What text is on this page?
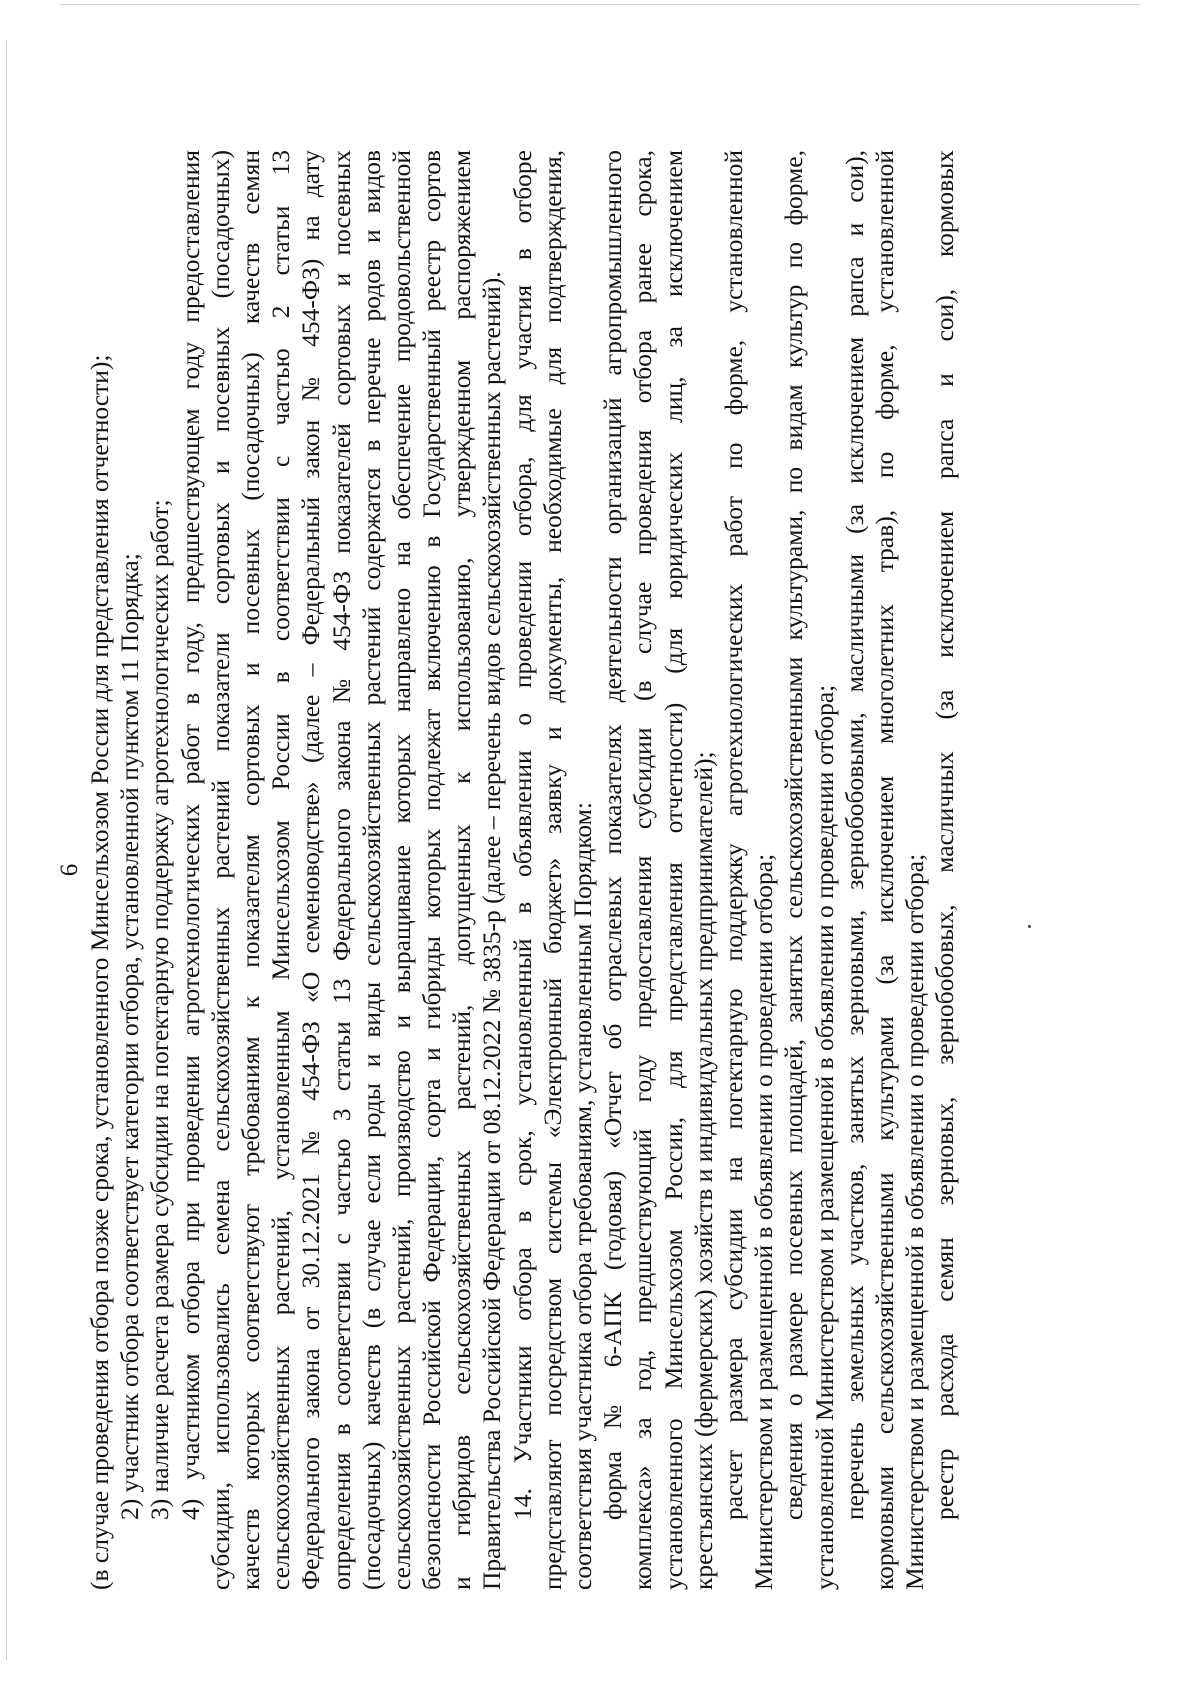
6 (в случае проведения отбора позже срока, установленного Минсельхозом России для представления отчетности); 2) участник отбора соответствует категории отбора, установленной пунктом 11 Порядка; 3) наличие расчета размера субсидии на погектарную поддержку агротехнологических работ; 4) участником отбора при проведении агротехнологических работ в году, предшествующем году предоставления субсидии, использовались семена сельскохозяйственных растений показатели сортовых и посевных (посадочных) качеств которых соответствуют требованиям к показателям сортовых и посевных (посадочных) качеств семян сельскохозяйственных растений, установленным Минсельхозом России в соответствии с частью 2 статьи 13 Федерального закона от 30.12.2021 № 454-ФЗ «О семеноводстве» (далее – Федеральный закон № 454-ФЗ) на дату определения в соответствии с частью 3 статьи 13 Федерального закона № 454-ФЗ показателей сортовых и посевных (посадочных) качеств (в случае если роды и виды сельскохозяйственных растений содержатся в перечне родов и видов сельскохозяйственных растений, производство и выращивание которых направлено на обеспечение продовольственной безопасности Российской Федерации, сорта и гибриды которых подлежат включению в Государственный реестр сортов и гибридов сельскохозяйственных растений, допущенных к использованию, утвержденном распоряжением Правительства Российской Федерации от 08.12.2022 № 3835-р (далее – перечень видов сельскохозяйственных растений). 14. Участники отбора в срок, установленный в объявлении о проведении отбора, для участия в отборе представляют посредством системы «Электронный бюджет» заявку и документы, необходимые для подтверждения, соответствия участника отбора требованиям, установленным Порядком: форма № 6-АПК (годовая) «Отчет об отраслевых показателях деятельности организаций агропромышленного комплекса» за год, предшествующий году предоставления субсидии (в случае проведения отбора ранее срока, установленного Минсельхозом России, для представления отчетности) (для юридических лиц, за исключением крестьянских (фермерских) хозяйств и индивидуальных предпринимателей); расчет размера субсидии на погектарную поддержку агротехнологических работ по форме, установленной Министерством и размещенной в объявлении о проведении отбора; сведения о размере посевных площадей, занятых сельскохозяйственными культурами, по видам культур по форме, установленной Министерством и размещенной в объявлении о проведении отбора; перечень земельных участков, занятых зерновыми, зернобобовыми, масличными (за исключением рапса и сои), кормовыми сельскохозяйственными культурами (за исключением многолетних трав), по форме, установленной Министерством и размещенной в объявлении о проведении отбора; реестр расхода семян зерновых, зернобобовых, масличных (за исключением рапса и сои), кормовых
